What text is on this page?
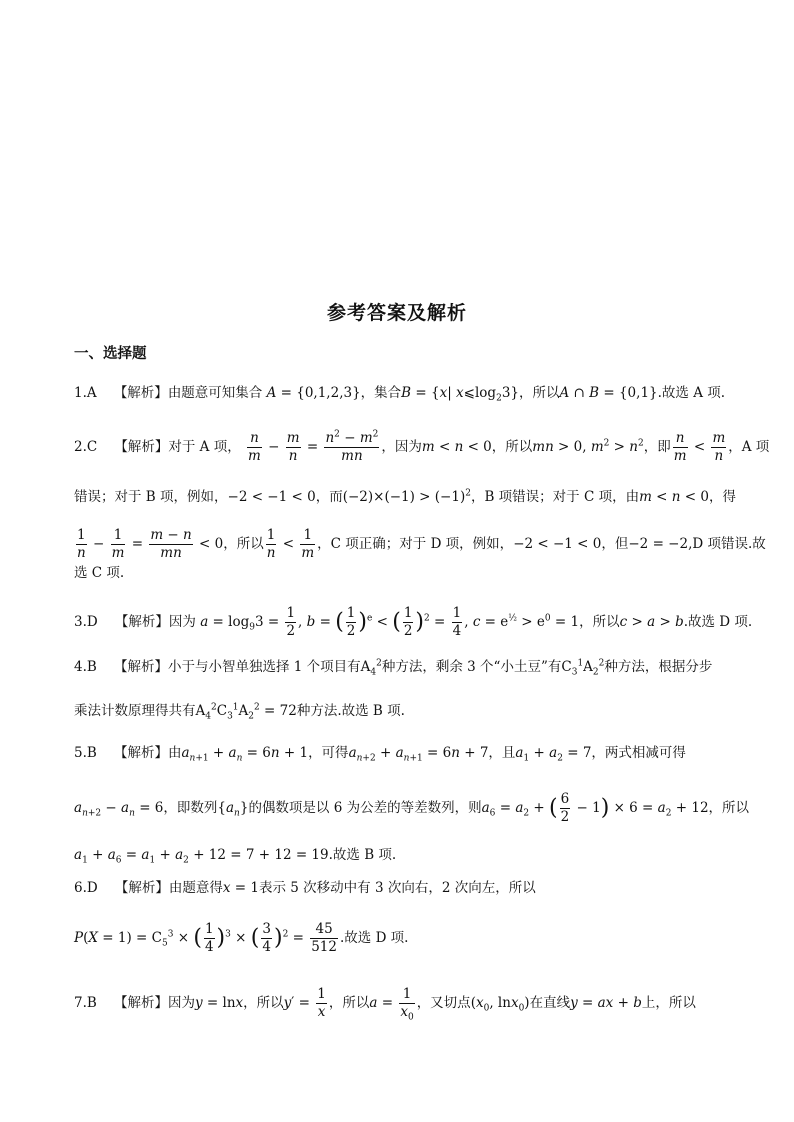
参考答案及解析
一、选择题
1.A 【解析】由题意可知集合 A = {0,1,2,3}，集合B = {x| $x⩽\log_23$}，所以A ∩ B = {0,1}.故选 A 项.
2.C 【解析】对于 A 项， $\frac{n}{m} - \frac{m}{n} = \frac{n^2 - m^2}{mn}$ ，因为m < n < 0，所以mn > 0, $m^2 > n^2$，即 $\frac{n}{m} < \frac{m}{n}$ ，A 项
错误；对于 B 项，例如，−2 < −1 < 0，而$(-2)\times(-1) > (-1)^2$，B 项错误；对于 C 项，由m < n < 0，得
$\frac{1}{n} - \frac{1}{m} = \frac{m - n}{mn} < 0$，所以 $\frac{1}{n} < \frac{1}{m}$ ，C 项正确；对于 D 项，例如，−2 < −1 < 0，但−2 = −2,D 项错误.故
选 C 项.
3.D 【解析】因为 $a = \log_93 = \frac{1}{2}$ , b = ( $\frac{1}{2} )^e$ < ( $\frac{1}{2} )^2 = \frac{1}{4}$ , $c = e^{\frac{1}{2}} > e^0 = 1$，所以c > a > b.故选 D 项.
4.B 【解析】小于与小智单独选择 1 个项目有$A_4^2$种方法，剩余 3 个“小土豆”有$C_3^1A_2^2$种方法，根据分步
乘法计数原理得共有$A_4^2C_3^1A_2^2 = 72$种方法.故选 B 项.
5.B 【解析】由$a_{n+1} + a_n = 6n + 1$，可得$a_{n+2} + a_{n+1} = 6n + 7$，且$a_1 + a_2 = 7$，两式相减可得
$a_{n+2} - a_n = 6$，即数列$\{a_n\}$的偶数项是以 6 为公差的等差数列，则$a_6 = a_2$ + ( $\frac{6}{2} - 1) \times 6 = a_2 + 12$，所以
$a_1 + a_6 = a_1 + a_2 + 12 = 7 + 12 = 19$.故选 B 项.
6.D 【解析】由题意得x = 1表示 5 次移动中有 3 次向右，2 次向左，所以
$P(X = 1) = C_5^3$ × ( $\frac{1}{4} )^3$ × ( $\frac{3}{4} )^2 = \frac{45}{512}$ .故选 D 项.
7.B 【解析】因为y = lnx，所以$y' = \frac{1}{x}$ ，所以$a = \frac{1}{x_0}$ ，又切点($x_0$, lnx$_0$)在直线y = ax + b上，所以
